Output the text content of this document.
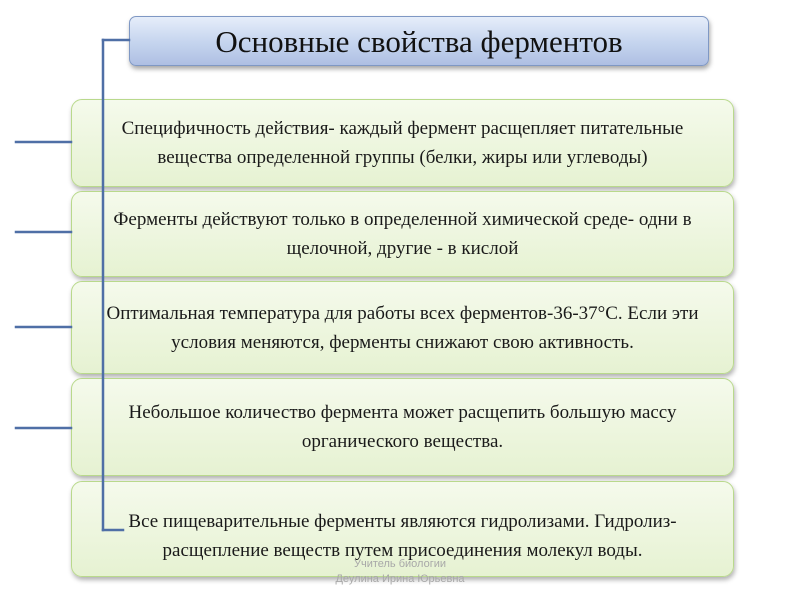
Основные свойства ферментов
Специфичность действия- каждый фермент расщепляет питательные вещества определенной группы (белки, жиры или углеводы)
Ферменты действуют только в определенной химической среде- одни в щелочной, другие - в кислой
Оптимальная температура для работы всех ферментов-36-37°С. Если эти условия меняются, ферменты снижают свою активность.
Небольшое количество фермента может расщепить большую массу органического вещества.
Все пищеварительные ферменты являются гидролизами. Гидролиз- расщепление веществ путем присоединения молекул воды.
Учитель биологии
Деулина Ирина Юрьевна
